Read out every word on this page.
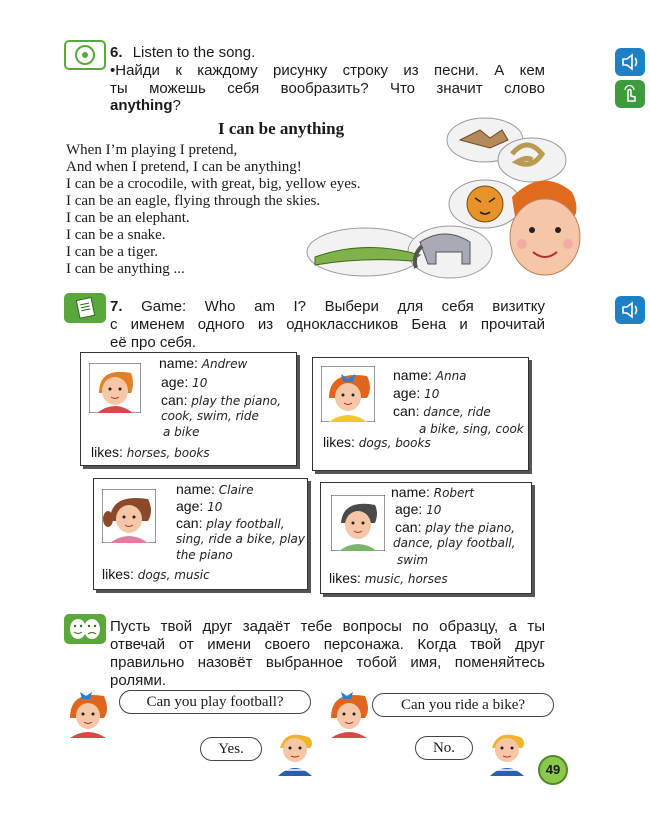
6. Listen to the song.
•Найди к каждому рисунку строку из песни. А кем
ты можешь себя вообразить? Что значит слово
anything?
I can be anything
When I’m playing I pretend,
And when I pretend, I can be anything!
I can be a crocodile, with great, big, yellow eyes.
I can be an eagle, flying through the skies.
I can be an elephant.
I can be a snake.
I can be a tiger.
I can be anything ...
7. Game: Who am I? Выбери для себя визитку
с именем одного из одноклассников Бена и прочитай
её про себя.
name: Andrew
age: 10
can: play the piano,
cook, swim, ride
a bike
likes: horses, books
name: Anna
age: 10
can: dance, ride
a bike, sing, cook
likes: dogs, books
name: Claire
age: 10
can: play football,
sing, ride a bike, play
the piano
likes: dogs, music
name: Robert
age: 10
can: play the piano,
dance, play football,
swim
likes: music, horses
Пусть твой друг задаёт тебе вопросы по образцу, а ты
отвечай от имени своего персонажа. Когда твой друг
правильно назовёт выбранное тобой имя, поменяйтесь
ролями.
Can you play football?
Yes.
Can you ride a bike?
No.
49
